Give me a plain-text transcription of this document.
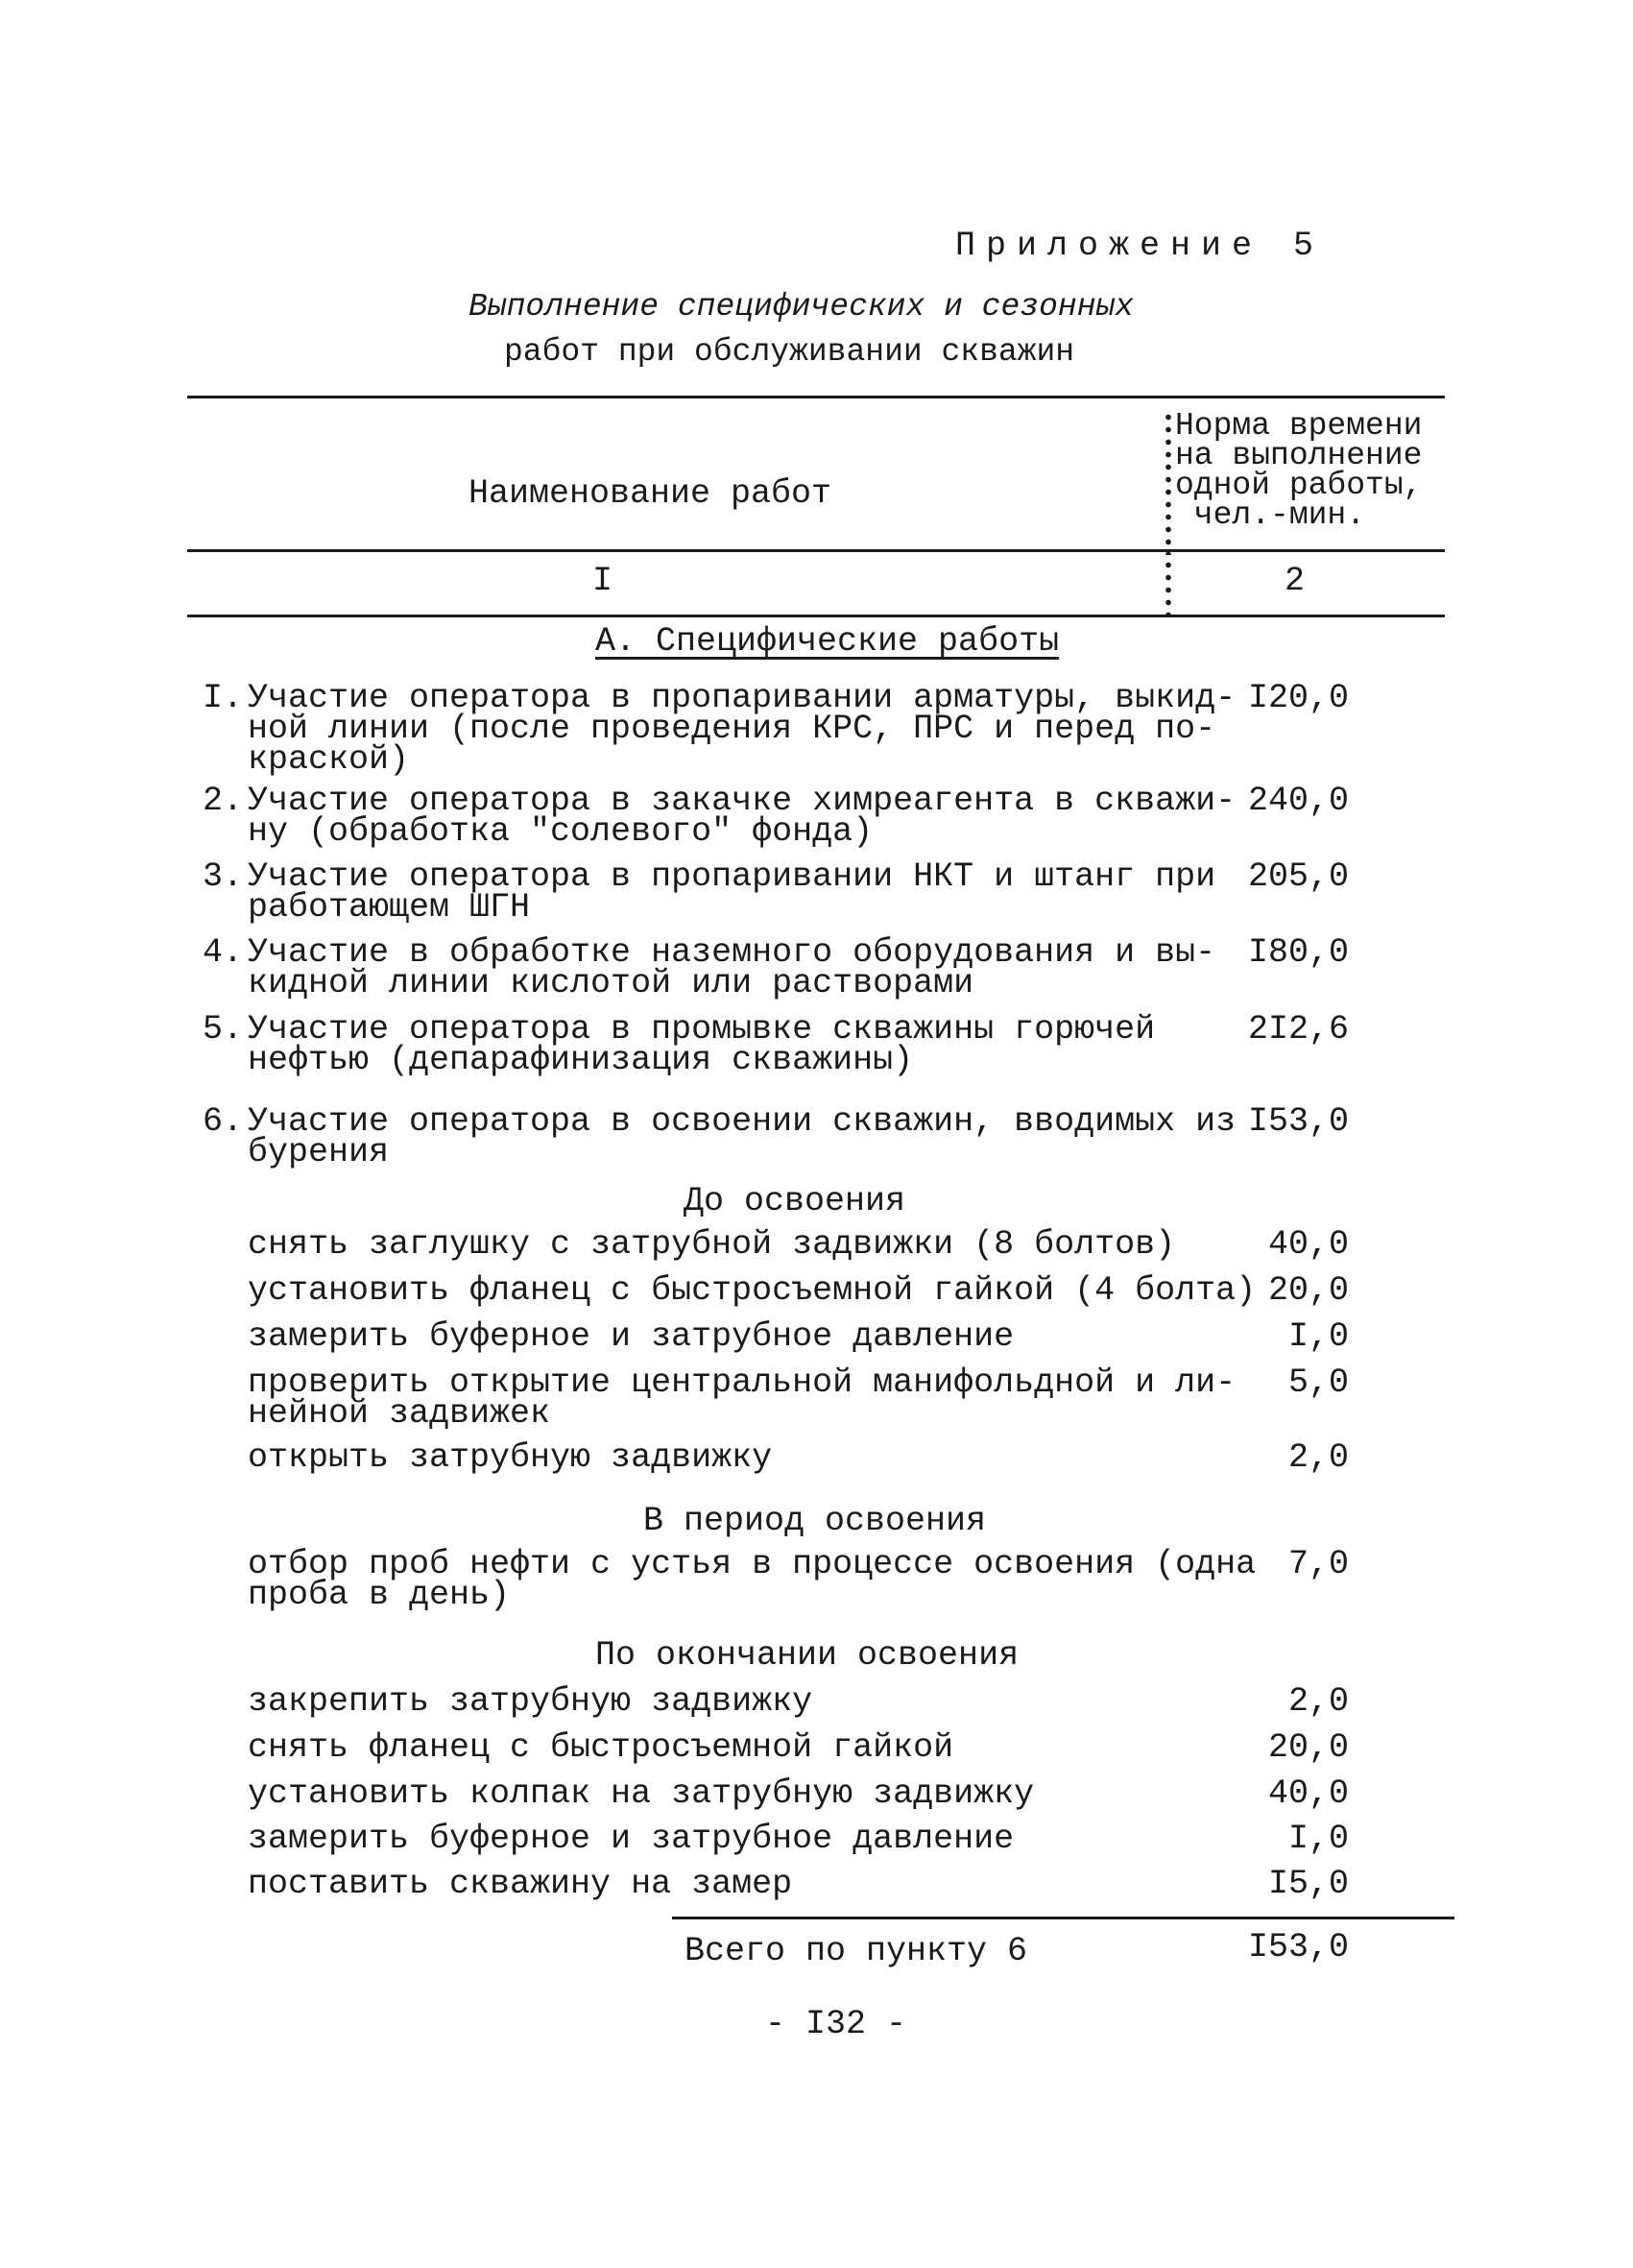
Приложение 5
Выполнение специфических и сезонных
работ при обслуживании скважин
Наименование работ
Норма времени
на выполнение
одной работы,
чел.-мин.
I	2
А. Специфические работы
I. Участие оператора в пропаривании арматуры, выкид-
ной линии (после проведения КРС, ПРС и перед по-
краской)
I20,0
2. Участие оператора в закачке химреагента в скважи-
ну (обработка "солевого" фонда)
240,0
3. Участие оператора в пропаривании НКТ и штанг при
работающем ШГН
205,0
4. Участие в обработке наземного оборудования и вы-
кидной линии кислотой или растворами
I80,0
5. Участие оператора в промывке скважины горючей
нефтью (депарафинизация скважины)
2I2,6
6. Участие оператора в освоении скважин, вводимых из
бурения
I53,0
До освоения
снять заглушку с затрубной задвижки (8 болтов)	40,0
установить фланец с быстросъемной гайкой (4 болта) 20,0
замерить буферное и затрубное давление	I,0
проверить открытие центральной манифольдной и ли-
нейной задвижек
5,0
открыть затрубную задвижку	2,0
В период освоения
отбор проб нефти с устья в процессе освоения (одна
проба в день)
7,0
По окончании освоения
закрепить затрубную задвижку	2,0
снять фланец с быстросъемной гайкой	20,0
установить колпак на затрубную задвижку	40,0
замерить буферное и затрубное давление	I,0
поставить скважину на замер	I5,0
Всего по пункту 6	I53,0
- I32 -
